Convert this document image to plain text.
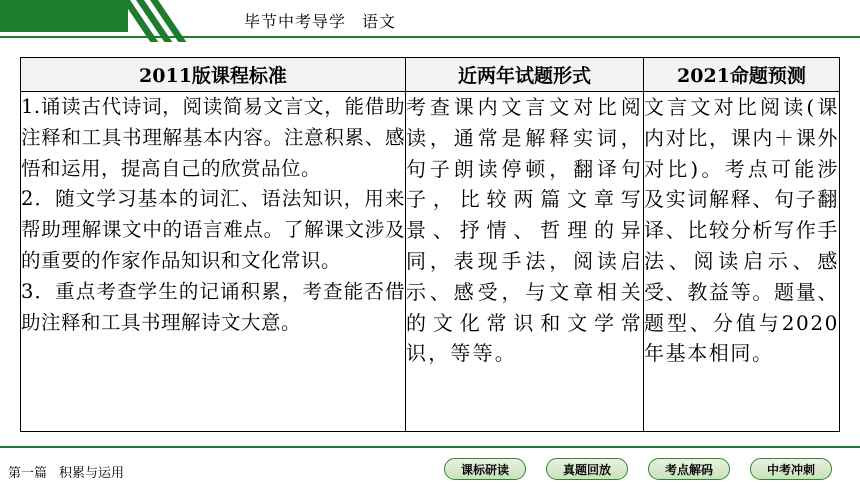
毕节中考导学 语文
2011版课程标准	近两年试题形式	2021命题预测

1.诵读古代诗词，阅读简易文言文，能借助注释和工具书理解基本内容。注意积累、感悟和运用，提高自己的欣赏品位。
2．随文学习基本的词汇、语法知识，用来帮助理解课文中的语言难点。了解课文涉及的重要的作家作品知识和文化常识。
3．重点考查学生的记诵积累，考查能否借助注释和工具书理解诗文大意。	考查课内文言文对比阅读，通常是解释实词，句子朗读停顿，翻译句子，比较两篇文章写景、抒情、哲理的异同，表现手法，阅读启示、感受，与文章相关的文化常识和文学常识，等等。	文言文对比阅读(课内对比，课内＋课外对比)。考点可能涉及实词解释、句子翻译、比较分析写作手法、阅读启示、感受、教益等。题量、题型、分值与2020年基本相同。
第一篇 积累与运用	课标研读	真题回放	考点解码	中考冲刺
